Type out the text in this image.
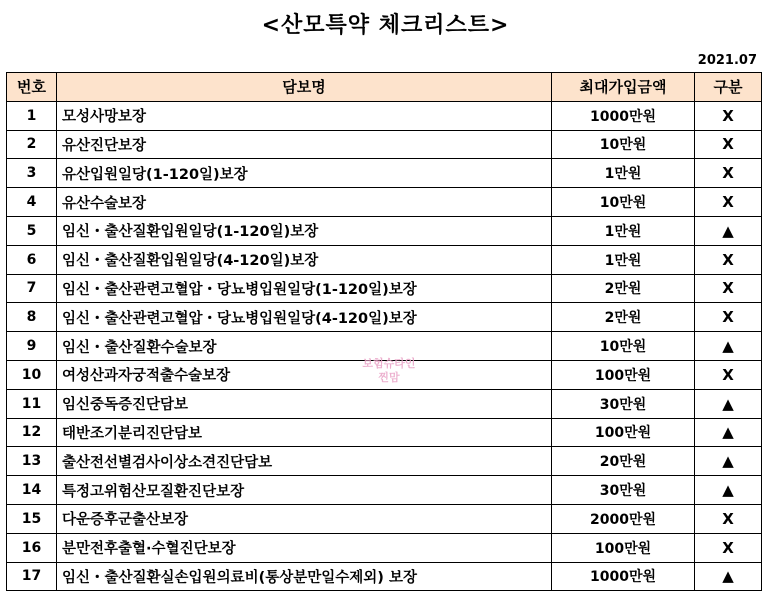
<산모특약 체크리스트>
2021.07
번호	담보명	최대가입금액	구분
1	모성사망보장	1000만원	X
2	유산진단보장	10만원	X
3	유산입원일당(1-120일)보장	1만원	X
4	유산수술보장	10만원	X
5	임신・출산질환입원일당(1-120일)보장	1만원	▲
6	임신・출산질환입원일당(4-120일)보장	1만원	X
7	임신・출산관련고혈압・당뇨병입원일당(1-120일)보장	2만원	X
8	임신・출산관련고혈압・당뇨병입원일당(4-120일)보장	2만원	X
9	임신・출산질환수술보장	10만원	▲
10	여성산과자궁적출수술보장	100만원	X
11	임신중독증진단담보	30만원	▲
12	태반조기분리진단담보	100만원	▲
13	출산전선별검사이상소견진단담보	20만원	▲
14	특정고위험산모질환진단보장	30만원	▲
15	다운증후군출산보장	2000만원	X
16	분만전후출혈·수혈진단보장	100만원	X
17	임신・출산질환실손입원의료비(통상분만일수제외) 보장	1000만원	▲
보험슈타인
찐맘
